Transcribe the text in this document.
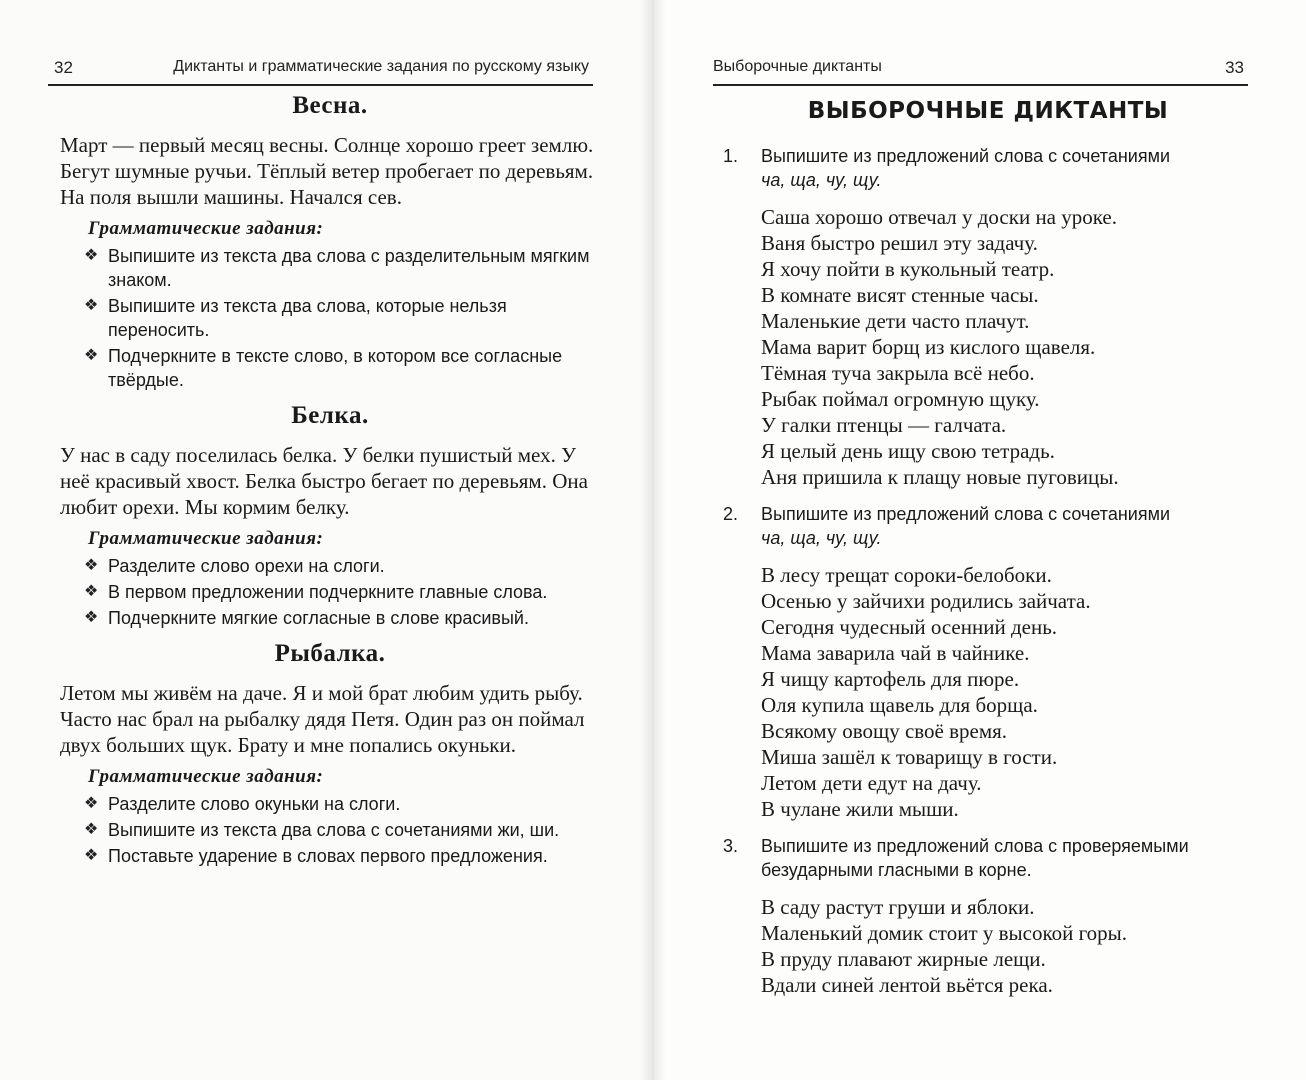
32	Диктанты и грамматические задания по русскому языку
Весна.

Март — первый месяц весны. Солнце хорошо греет землю. Бегут шумные ручьи. Тёплый ветер пробегает по деревьям. На поля вышли машины. Начался сев.

Грамматические задания:
❖ Выпишите из текста два слова с разделительным мягким знаком.
❖ Выпишите из текста два слова, которые нельзя переносить.
❖ Подчеркните в тексте слово, в котором все согласные твёрдые.
Белка.

У нас в саду поселилась белка. У белки пушистый мех. У неё красивый хвост. Белка быстро бегает по деревьям. Она любит орехи. Мы кормим белку.

Грамматические задания:
❖ Разделите слово орехи на слоги.
❖ В первом предложении подчеркните главные слова.
❖ Подчеркните мягкие согласные в слове красивый.
Рыбалка.

Летом мы живём на даче. Я и мой брат любим удить рыбу. Часто нас брал на рыбалку дядя Петя. Один раз он поймал двух больших щук. Брату и мне попались окуньки.

Грамматические задания:
❖ Разделите слово окуньки на слоги.
❖ Выпишите из текста два слова с сочетаниями жи, ши.
❖ Поставьте ударение в словах первого предложения.
Выборочные диктанты	33
ВЫБОРОЧНЫЕ ДИКТАНТЫ
1. Выпишите из предложений слова с сочетаниями
ча, ща, чу, щу.
Саша хорошо отвечал у доски на уроке.
Ваня быстро решил эту задачу.
Я хочу пойти в кукольный театр.
В комнате висят стенные часы.
Маленькие дети часто плачут.
Мама варит борщ из кислого щавеля.
Тёмная туча закрыла всё небо.
Рыбак поймал огромную щуку.
У галки птенцы — галчата.
Я целый день ищу свою тетрадь.
Аня пришила к плащу новые пуговицы.
2. Выпишите из предложений слова с сочетаниями
ча, ща, чу, щу.
В лесу трещат сороки-белобоки.
Осенью у зайчихи родились зайчата.
Сегодня чудесный осенний день.
Мама заварила чай в чайнике.
Я чищу картофель для пюре.
Оля купила щавель для борща.
Всякому овощу своё время.
Миша зашёл к товарищу в гости.
Летом дети едут на дачу.
В чулане жили мыши.
3. Выпишите из предложений слова с проверяемыми безударными гласными в корне.
В саду растут груши и яблоки.
Маленький домик стоит у высокой горы.
В пруду плавают жирные лещи.
Вдали синей лентой вьётся река.
